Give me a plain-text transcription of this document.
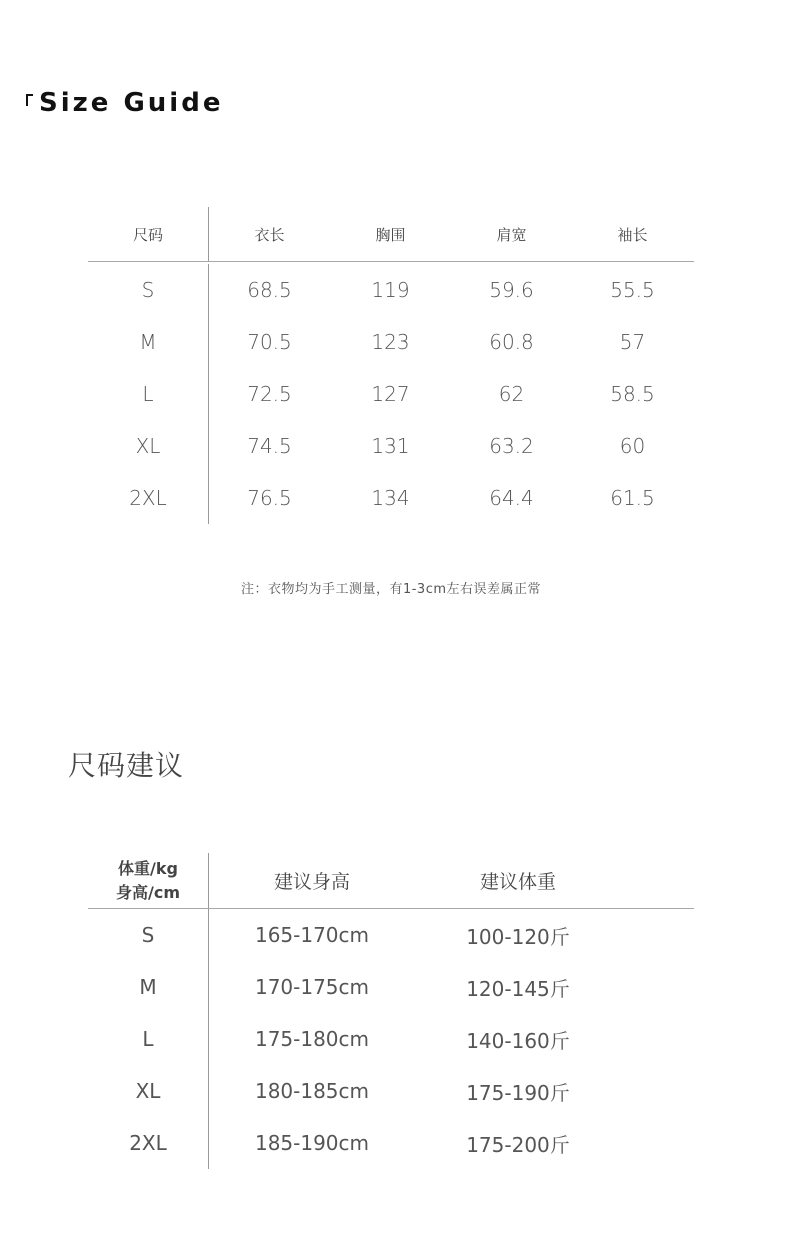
Size Guide
尺码	衣长	胸围	肩宽	袖长
S	68.5	119	59.6	55.5
M	70.5	123	60.8	57
L	72.5	127	62	58.5
XL	74.5	131	63.2	60
2XL	76.5	134	64.4	61.5
注：衣物均为手工测量，有1-3cm左右误差属正常
尺码建议
体重/kg
身高/cm	建议身高	建议体重
S	165-170cm	100-120斤
M	170-175cm	120-145斤
L	175-180cm	140-160斤
XL	180-185cm	175-190斤
2XL	185-190cm	175-200斤
